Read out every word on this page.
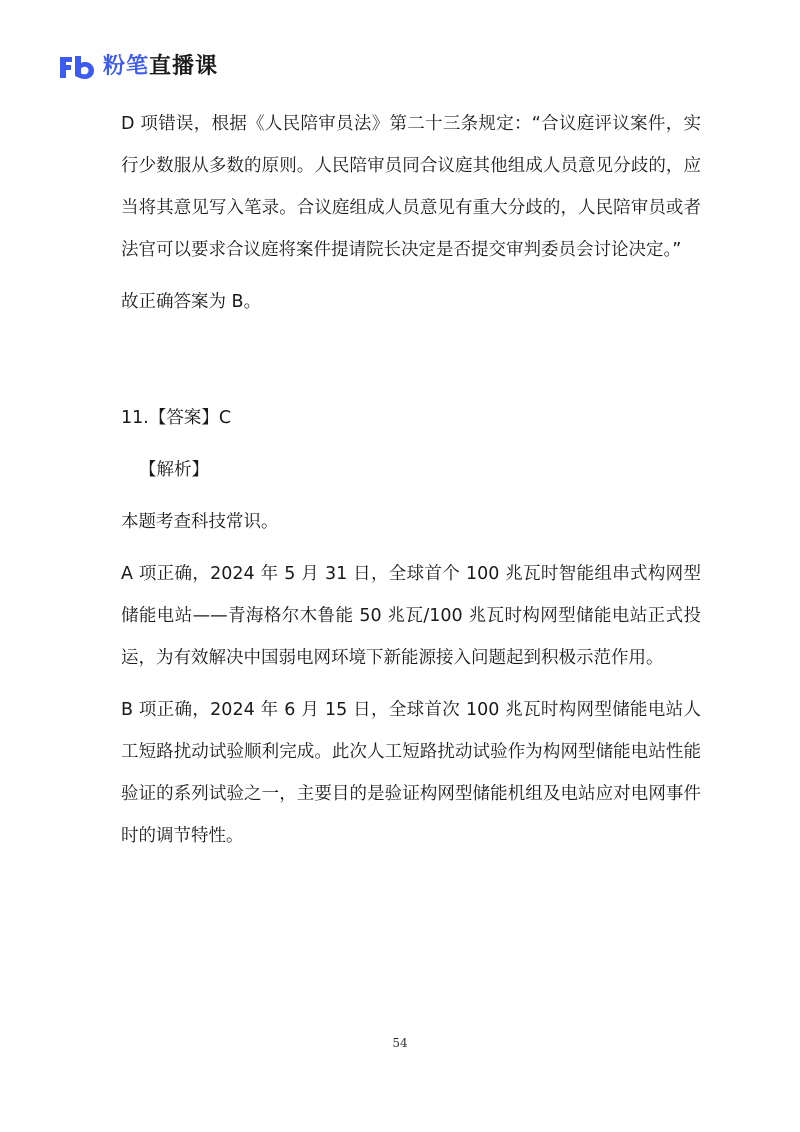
粉笔直播课

D 项错误，根据《人民陪审员法》第二十三条规定：“合议庭评议案件，实行少数服从多数的原则。人民陪审员同合议庭其他组成人员意见分歧的，应当将其意见写入笔录。合议庭组成人员意见有重大分歧的，人民陪审员或者法官可以要求合议庭将案件提请院长决定是否提交审判委员会讨论决定。”

故正确答案为 B。

11.【答案】C

【解析】

本题考查科技常识。

A 项正确，2024 年 5 月 31 日，全球首个 100 兆瓦时智能组串式构网型储能电站——青海格尔木鲁能 50 兆瓦/100 兆瓦时构网型储能电站正式投运，为有效解决中国弱电网环境下新能源接入问题起到积极示范作用。

B 项正确，2024 年 6 月 15 日，全球首次 100 兆瓦时构网型储能电站人工短路扰动试验顺利完成。此次人工短路扰动试验作为构网型储能电站性能验证的系列试验之一，主要目的是验证构网型储能机组及电站应对电网事件时的调节特性。

54
